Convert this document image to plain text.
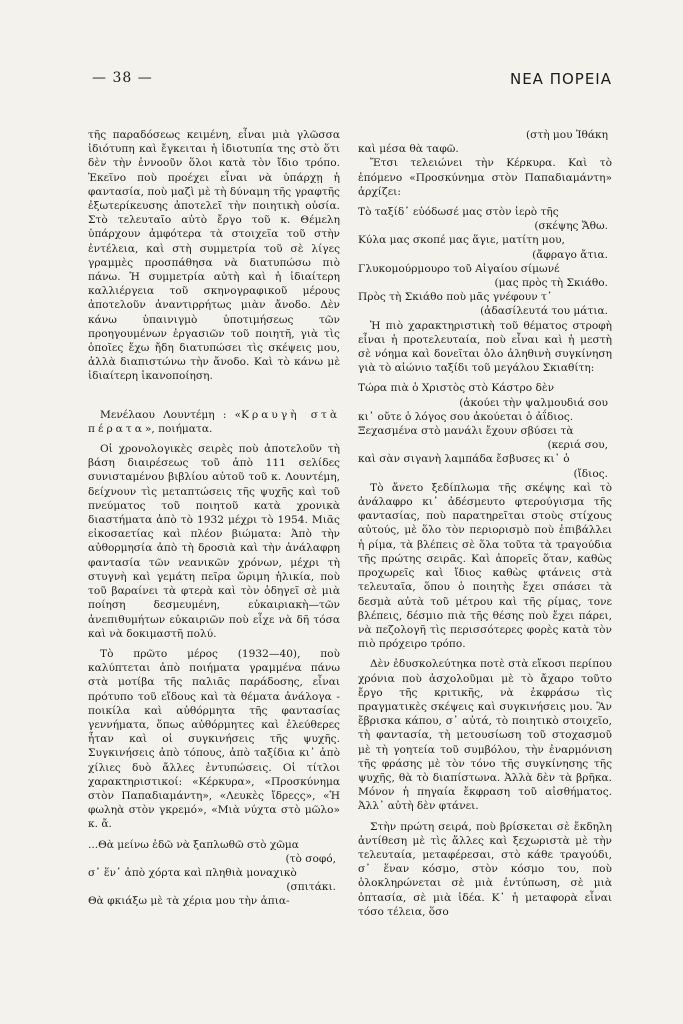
— 38 —	ΝΕΑ ΠΟΡΕΙΑ

τῆς παραδόσεως κειμένη, εἶναι μιὰ γλῶσσα ἰδιότυπη καὶ ἔγκειται ἡ ἰδιοτυπία της στὸ ὅτι δὲν τὴν ἐννοοῦν ὅλοι κατὰ τὸν ἴδιο τρόπο. Ἐκεῖνο ποὺ προέχει εἶναι νὰ ὑπάρχῃ ἡ φαντασία, ποὺ μαζὶ μὲ τὴ δύναμη τῆς γραφτῆς ἐξωτερίκευσης ἀποτελεῖ τὴν ποιητικὴ οὐσία. Στὸ τελευταῖο αὐτὸ ἔργο τοῦ κ. Θέμελη ὑπάρχουν ἀμφότερα τὰ στοιχεῖα τοῦ στὴν ἐντέλεια, καὶ στὴ συμμετρία τοῦ σὲ λίγες γραμμὲς προσπάθησα νὰ διατυπώσω πιὸ πάνω. Ἡ συμμετρία αὐτὴ καὶ ἡ ἰδιαίτερη καλλιέργεια τοῦ σκηνογραφικοῦ μέρους ἀποτελοῦν ἀναντιρρήτως μιὰν ἄνοδο. Δὲν κάνω ὑπαινιγμὸ ὑποτιμήσεως τῶν προηγουμένων ἐργασιῶν τοῦ ποιητῆ, γιὰ τὶς ὁποῖες ἔχω ἤδη διατυπώσει τὶς σκέψεις μου, ἀλλὰ διαπιστώνω τὴν ἄνοδο. Καὶ τὸ κάνω μὲ ἰδιαίτερη ἱκανοποίηση.

Μενέλαου Λουντέμη : «Κραυγὴ στὰ πέρατα», ποιήματα.

Οἱ χρονολογικὲς σειρὲς ποὺ ἀποτελοῦν τὴ βάση διαιρέσεως τοῦ ἀπὸ 111 σελίδες συνισταμένου βιβλίου αὐτοῦ τοῦ κ. Λουντέμη, δείχνουν τὶς μεταπτώσεις τῆς ψυχῆς καὶ τοῦ πνεύματος τοῦ ποιητοῦ κατὰ χρονικὰ διαστήματα ἀπὸ τὸ 1932 μέχρι τὸ 1954. Μιᾶς εἰκοσαετίας καὶ πλέον βιώματα: Ἀπὸ τὴν αὐθορμησία ἀπὸ τὴ δροσιὰ καὶ τὴν ἀνάλαφρη φαντασία τῶν νεανικῶν χρόνων, μέχρι τὴ στυγνὴ καὶ γεμάτη πεῖρα ὥριμη ἡλικία, ποὺ τοῦ βαραίνει τὰ φτερὰ καὶ τὸν ὁδηγεῖ σὲ μιὰ ποίηση δεσμευμένη, εὐκαιριακὴ—τῶν ἀνεπιθυμήτων εὐκαιριῶν ποὺ εἶχε νὰ δῆ τόσα καὶ νὰ δοκιμαστῆ πολύ.

Τὸ πρῶτο μέρος (1932—40), ποὺ καλύπτεται ἀπὸ ποιήματα γραμμένα πάνω στὰ μοτίβα τῆς παλιᾶς παράδοσης, εἶναι πρότυπο τοῦ εἴδους καὶ τὰ θέματα ἀνάλογα - ποικίλα καὶ αὐθόρμητα τῆς φαντασίας γεννήματα, ὅπως αὐθόρμητες καὶ ἐλεύθερες ἦταν καὶ οἱ συγκινήσεις τῆς ψυχῆς. Συγκινήσεις ἀπὸ τόπους, ἀπὸ ταξίδια κι᾿ ἀπὸ χίλιες δυὸ ἄλλες ἐντυπώσεις. Οἱ τίτλοι χαρακτηριστικοί: «Κέρκυρα», «Προσκύνημα στὸν Παπαδιαμάντη», «Λευκὲς ἴδρεςς», «Ἡ φωληὰ στὸν γκρεμό», «Μιὰ νύχτα στὸ μῶλο» κ. ἄ.

...Θὰ μείνω ἐδῶ νὰ ξαπλωθῶ στὸ χῶμα
(τὸ σοφό,
σ᾿ ἕν᾿ ἀπὸ χόρτα καὶ πληθιὰ μοναχικὸ
(σπιτάκι.
Θὰ φκιάξω μὲ τὰ χέρια μου τὴν ἀπια-
(στὴ μου Ἰθάκη
καὶ μέσα θὰ ταφῶ.

Ἔτσι τελειώνει τὴν Κέρκυρα. Καὶ τὸ ἑπόμενο «Προσκύνημα στὸν Παπαδιαμάντη» ἀρχίζει:

Τὸ ταξίδ᾿ εὐόδωσέ μας στὸν ἱερὸ τῆς
(σκέψης Ἄθω.
Κύλα μας σκοπέ μας ἅγιε, ματίτη μου,
(ἄφραγο ἄτια.
Γλυκομούρμουρο τοῦ Αἰγαίου σίμωνέ
(μας πρὸς τὴ Σκιάθο.
Πρὸς τὴ Σκιάθο ποὺ μᾶς γνέφουν τ᾿
(ἀδασίλευτά του μάτια.

Ἡ πιὸ χαρακτηριστικὴ τοῦ θέματος στροφὴ εἶναι ἡ προτελευταία, ποὺ εἶναι καὶ ἡ μεστὴ σὲ νόημα καὶ δονεῖται ὁλο ἀληθινὴ συγκίνηση γιὰ τὸ αἰώνιο ταξίδι τοῦ μεγάλου Σκιαθίτη:

Τώρα πιὰ ὁ Χριστὸς στὸ Κάστρο δὲν
(ἀκούει τὴν ψαλμουδιά σου
κι᾿ οὔτε ὁ λόγος σου ἀκούεται ὁ ἀΐδιος.
Ξεχασμένα στὸ μανάλι ἔχουν σβύσει τὰ
(κεριά σου,
καὶ σὰν σιγανὴ λαμπάδα ἔσβυσες κι᾿ ὁ
(ἴδιος.

Τὸ ἄνετο ξεδίπλωμα τῆς σκέψης καὶ τὸ ἀνάλαφρο κι᾿ ἀδέσμευτο φτερούγισμα τῆς φαντασίας, ποὺ παρατηρεῖται στοὺς στίχους αὐτούς, μὲ ὅλο τὸν περιορισμὸ ποὺ ἐπιβάλλει ἡ ρίμα, τὰ βλέπεις σὲ ὅλα τοῦτα τὰ τραγούδια τῆς πρώτης σειρᾶς. Καὶ ἀπορεῖς ὅταν, καθὼς προχωρεῖς καὶ ἴδιος καθὼς φτάνεις στὰ τελευταῖα, ὅπου ὁ ποιητὴς ἔχει σπάσει τὰ δεσμὰ αὐτὰ τοῦ μέτρου καὶ τῆς ρίμας, τονε βλέπεις, δέσμιο πιὰ τῆς θέσης ποὺ ἔχει πάρει, νὰ πεζολογῆ τὶς περισσότερες φορὲς κατὰ τὸν πιὸ πρόχειρο τρόπο.

Δὲν ἐδυσκολεύτηκα ποτὲ στὰ εἴκοσι περίπου χρόνια ποὺ ἀσχολοῦμαι μὲ τὸ ἄχαρο τοῦτο ἔργο τῆς κριτικῆς, νὰ ἐκφράσω τὶς πραγματικὲς σκέψεις καὶ συγκινήσεις μου. Ἂν ἔβρισκα κάπου, σ᾿ αὐτά, τὸ ποιητικὸ στοιχεῖο, τὴ φαντασία, τὴ μετουσίωση τοῦ στοχασμοῦ μὲ τὴ γοητεία τοῦ συμβόλου, τὴν ἐναρμόνιση τῆς φράσης μὲ τὸν τόνο τῆς συγκίνησης τῆς ψυχῆς, θὰ τὸ διαπίστωνα. Ἀλλὰ δὲν τὰ βρῆκα. Μόνον ἡ πηγαία ἔκφραση τοῦ αἰσθήματος. Ἀλλ᾿ αὐτὴ δὲν φτάνει.

Στὴν πρώτη σειρά, ποὺ βρίσκεται σὲ ἔκδηλη ἀντίθεση μὲ τὶς ἄλλες καὶ ξεχωριστὰ μὲ τὴν τελευταία, μεταφέρεσαι, στὸ κάθε τραγούδι, σ᾿ ἕναν κόσμο, στὸν κόσμο του, ποὺ ὁλοκληρώνεται σὲ μιὰ ἐντύπωση, σὲ μιὰ ὀπτασία, σὲ μιὰ ἰδέα. Κ᾿ ἡ μεταφορὰ εἶναι τόσο τέλεια, ὅσο
